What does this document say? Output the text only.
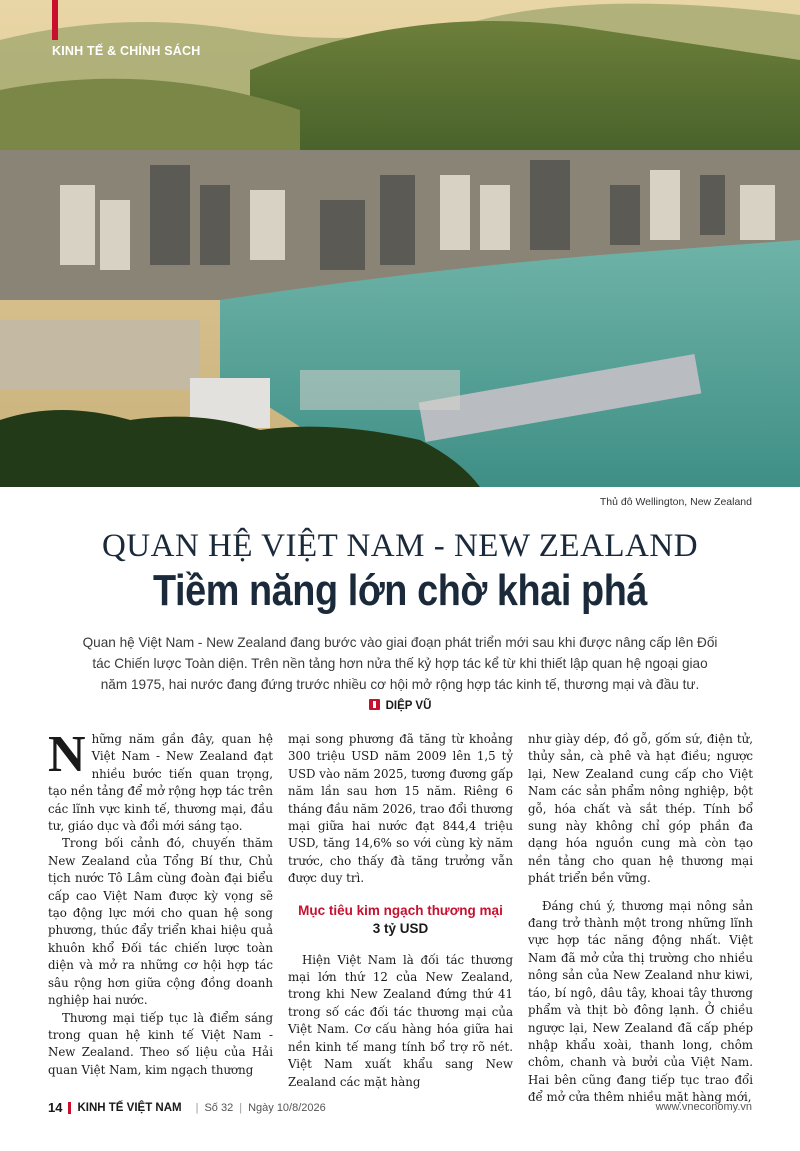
KINH TẾ & CHÍNH SÁCH
Thủ đô Wellington, New Zealand
QUAN HỆ VIỆT NAM - NEW ZEALAND
Tiềm năng lớn chờ khai phá
Quan hệ Việt Nam - New Zealand đang bước vào giai đoạn phát triển mới sau khi được nâng cấp lên Đối tác Chiến lược Toàn diện. Trên nền tảng hơn nửa thế kỷ hợp tác kể từ khi thiết lập quan hệ ngoại giao năm 1975, hai nước đang đứng trước nhiều cơ hội mở rộng hợp tác kinh tế, thương mại và đầu tư.
DIỆP VŨ

Những năm gần đây, quan hệ Việt Nam - New Zealand đạt nhiều bước tiến quan trọng, tạo nền tảng để mở rộng hợp tác trên các lĩnh vực kinh tế, thương mại, đầu tư, giáo dục và đổi mới sáng tạo.

Trong bối cảnh đó, chuyến thăm New Zealand của Tổng Bí thư, Chủ tịch nước Tô Lâm cùng đoàn đại biểu cấp cao Việt Nam được kỳ vọng sẽ tạo động lực mới cho quan hệ song phương, thúc đẩy triển khai hiệu quả khuôn khổ Đối tác chiến lược toàn diện và mở ra những cơ hội hợp tác sâu rộng hơn giữa cộng đồng doanh nghiệp hai nước.

Thương mại tiếp tục là điểm sáng trong quan hệ kinh tế Việt Nam - New Zealand. Theo số liệu của Hải quan Việt Nam, kim ngạch thương

mại song phương đã tăng từ khoảng 300 triệu USD năm 2009 lên 1,5 tỷ USD vào năm 2025, tương đương gấp năm lần sau hơn 15 năm. Riêng 6 tháng đầu năm 2026, trao đổi thương mại giữa hai nước đạt 844,4 triệu USD, tăng 14,6% so với cùng kỳ năm trước, cho thấy đà tăng trưởng vẫn được duy trì.

Mục tiêu kim ngạch thương mại
3 tỷ USD

Hiện Việt Nam là đối tác thương mại lớn thứ 12 của New Zealand, trong khi New Zealand đứng thứ 41 trong số các đối tác thương mại của Việt Nam. Cơ cấu hàng hóa giữa hai nền kinh tế mang tính bổ trợ rõ nét. Việt Nam xuất khẩu sang New Zealand các mặt hàng

như giày dép, đồ gỗ, gốm sứ, điện tử, thủy sản, cà phê và hạt điều; ngược lại, New Zealand cung cấp cho Việt Nam các sản phẩm nông nghiệp, bột gỗ, hóa chất và sắt thép. Tính bổ sung này không chỉ góp phần đa dạng hóa nguồn cung mà còn tạo nền tảng cho quan hệ thương mại phát triển bền vững.

Đáng chú ý, thương mại nông sản đang trở thành một trong những lĩnh vực hợp tác năng động nhất. Việt Nam đã mở cửa thị trường cho nhiều nông sản của New Zealand như kiwi, táo, bí ngô, dâu tây, khoai tây thương phẩm và thịt bò đông lạnh. Ở chiều ngược lại, New Zealand đã cấp phép nhập khẩu xoài, thanh long, chôm chôm, chanh và bưởi của Việt Nam. Hai bên cũng đang tiếp tục trao đổi để mở cửa thêm nhiều mặt hàng mới,

14 KINH TẾ VIỆT NAM | Số 32 | Ngày 10/8/2026	www.vneconomy.vn
